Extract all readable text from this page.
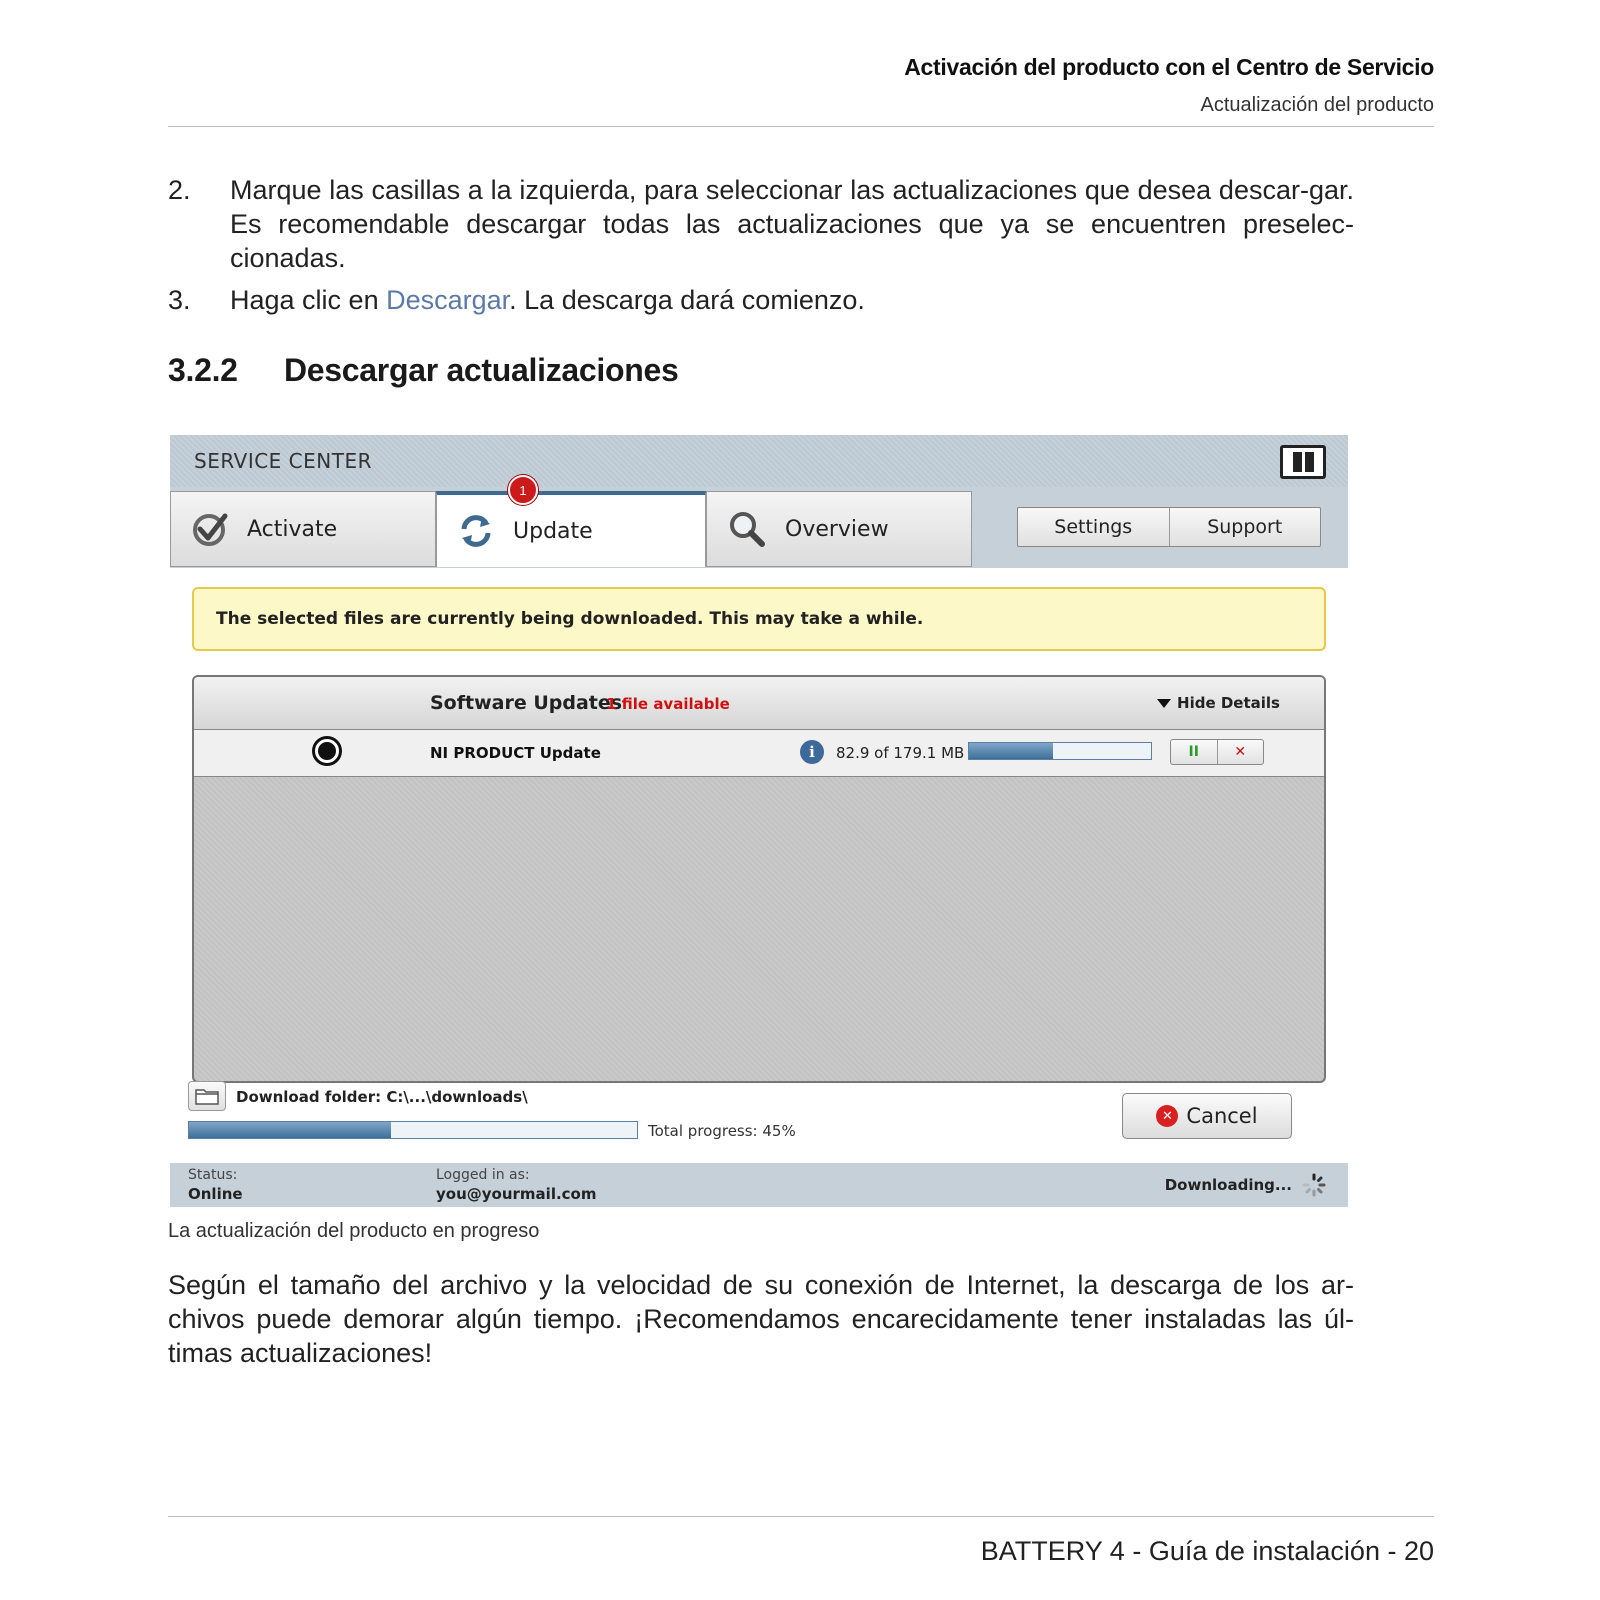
Activación del producto con el Centro de Servicio
Actualización del producto
2.	Marque las casillas a la izquierda, para seleccionar las actualizaciones que desea descar-gar. Es recomendable descargar todas las actualizaciones que ya se encuentren preselec-cionadas.
3.	Haga clic en Descargar. La descarga dará comienzo.
3.2.2	Descargar actualizaciones
SERVICE CENTER
Activate	Update	Overview	Settings	Support
The selected files are currently being downloaded. This may take a while.
Software Updates
1 file available	Hide Details
NI PRODUCT Update	i	82.9 of 179.1 MB	II	✕
Download folder: C:\...\downloads\
Total progress: 45%
✕ Cancel
Status:
Online
Logged in as:
you@yourmail.com	Downloading...
1
La actualización del producto en progreso
Según el tamaño del archivo y la velocidad de su conexión de Internet, la descarga de los ar-chivos puede demorar algún tiempo. ¡Recomendamos encarecidamente tener instaladas las úl-timas actualizaciones!
BATTERY 4 - Guía de instalación - 20
